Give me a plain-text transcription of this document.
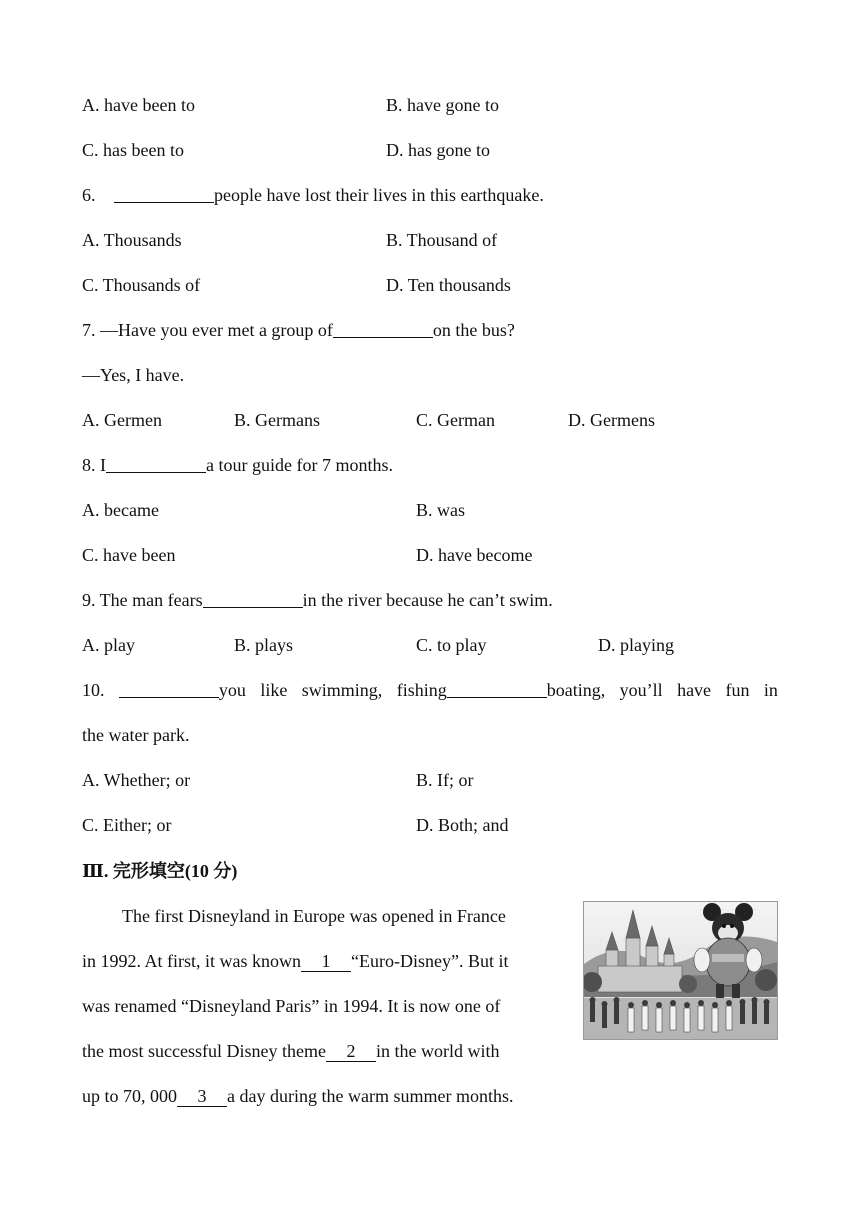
A. have been to	B. have gone to
C. has been to	D. has gone to
6.	people have lost their lives in this earthquake.
A. Thousands	B. Thousand of
C. Thousands of	D. Ten thousands
7. —Have you ever met a group of	on the bus?
—Yes, I have.
A. Germen	B. Germans	C. German	D. Germens
8. I	a tour guide for 7 months.
A. became	B. was
C. have been	D. have become
9. The man fears	in the river because he can’t swim.
A. play	B. plays	C. to play	D. playing
10.	you like swimming, fishing	boating, you’ll have fun in
the water park.
A. Whether; or	B. If; or
C. Either; or	D. Both; and
Ⅲ. 完形填空(10 分)
The first Disneyland in Europe was opened in France
in 1992. At first, it was known 1 “Euro-Disney”. But it
was renamed “Disneyland Paris” in 1994. It is now one of
the most successful Disney theme 2 in the world with
up to 70, 000 3 a day during the warm summer months.
